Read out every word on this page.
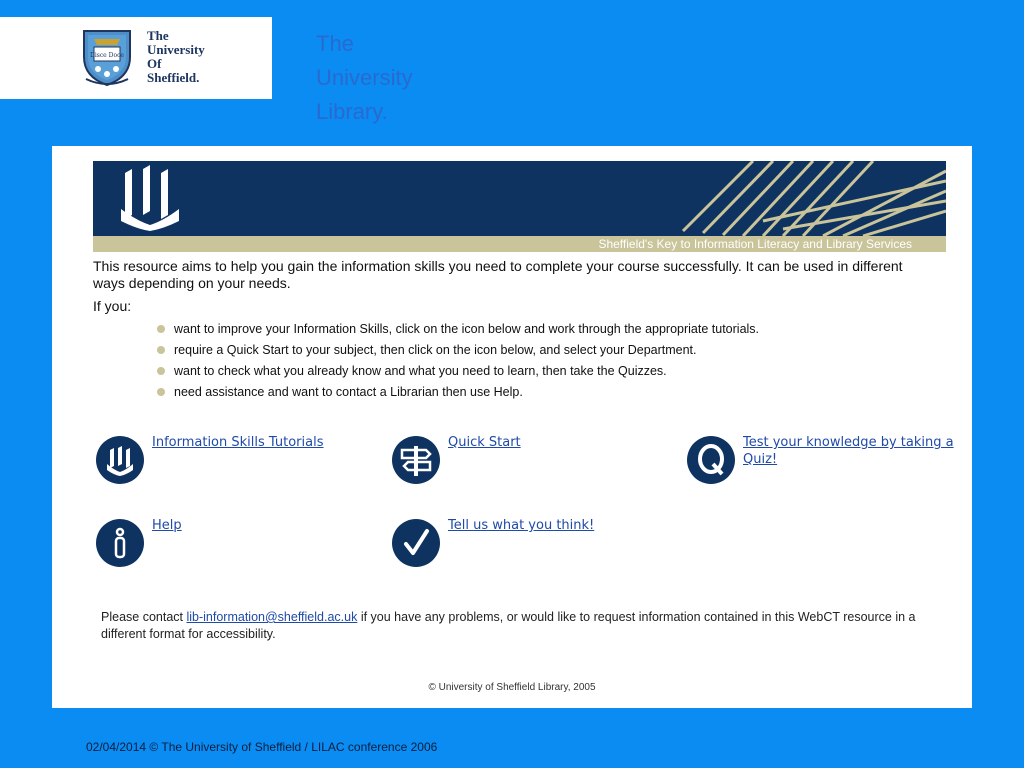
Disce Doce
The
University
Of
Sheffield.
The
University
Library.
Sheffield's Key to Information Literacy and Library Services
This resource aims to help you gain the information skills you need to complete your course successfully. It can be used in different ways depending on your needs.
If you:
want to improve your Information Skills, click on the icon below and work through the appropriate tutorials.
require a Quick Start to your subject, then click on the icon below, and select your Department.
want to check what you already know and what you need to learn, then take the Quizzes.
need assistance and want to contact a Librarian then use Help.
Information Skills Tutorials	Quick Start	Test your knowledge by taking a Quiz!
Help	Tell us what you think!
Please contact lib-information@sheffield.ac.uk if you have any problems, or would like to request information contained in this WebCT resource in a different format for accessibility.
© University of Sheffield Library, 2005
02/04/2014 © The University of Sheffield / LILAC conference 2006
